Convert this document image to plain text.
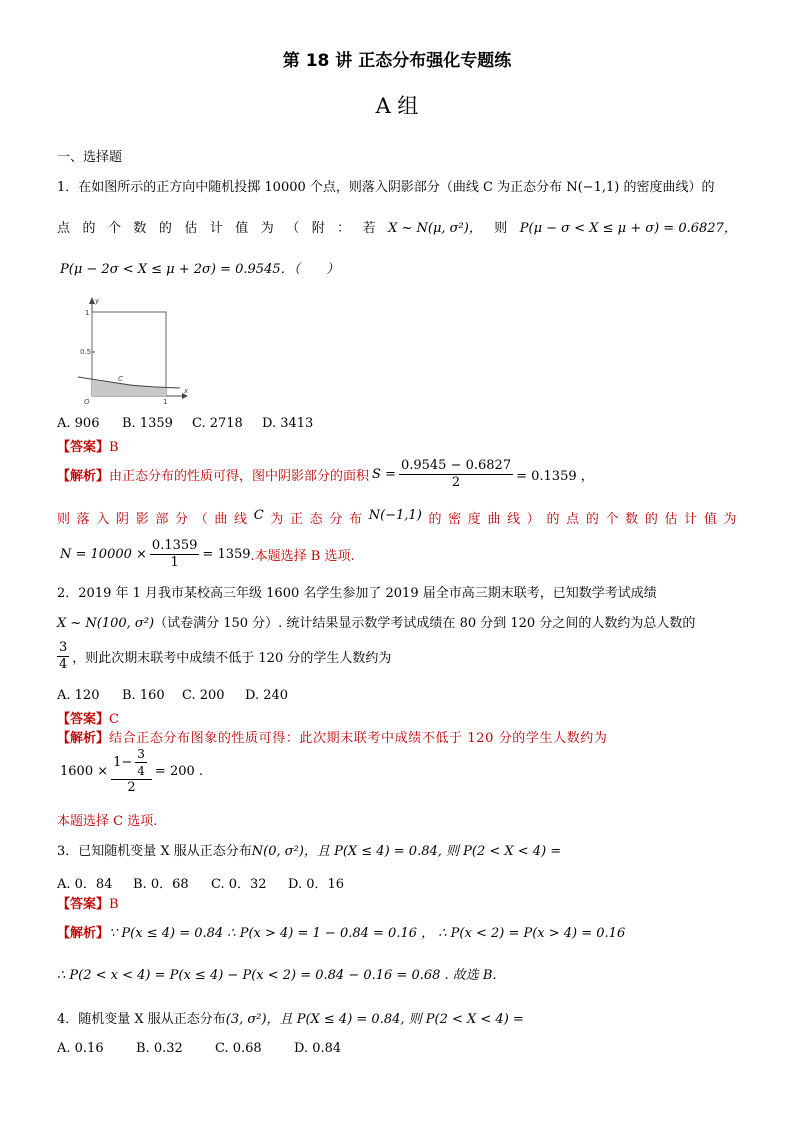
第 18 讲 正态分布强化专题练
A 组
一、选择题
1．在如图所示的正方向中随机投掷 10000 个点，则落入阴影部分（曲线 C 为正态分布 N(−1,1) 的密度曲线）的
点 的 个 数 的 估 计 值 为 （ 附 ： 若 X ~ N(μ, σ²)， 则 P(μ − σ < X ≤ μ + σ) = 0.6827，
P(μ − 2σ < X ≤ μ + 2σ) = 0.9545．（　　）
y
x
1
0.5
O	1
C
A. 906 B. 1359 C. 2718 D. 3413
【答案】B
【解析】 由正态分布的性质可得，图中阴影部分的面积 $S = \frac{0.9545 - 0.6827}{2} = 0.1359$ ，
则 落 入 阴 影 部 分 （ 曲 线 C 为 正 态 分 布 N(−1,1) 的 密 度 曲 线 ） 的 点 的 个 数 的 估 计 值 为
$N = 10000 \times \frac{0.1359}{1} = 1359$ .本题选择 B 选项.
2．2019 年 1 月我市某校高三年级 1600 名学生参加了 2019 届全市高三期末联考，已知数学考试成绩
X ~ N(100, σ²)（试卷满分 150 分）. 统计结果显示数学考试成绩在 80 分到 120 分之间的人数约为总人数的
$\frac{3}{4}$ ，则此次期末联考中成绩不低于 120 分的学生人数约为
A. 120 B. 160 C. 200 D. 240
【答案】C
【解析】结合正态分布图象的性质可得：此次期末联考中成绩不低于 120 分的学生人数约为
$1600 \times \frac{1- \frac{3}{4}}{2} = 200$ .
本题选择 C 选项.
3．已知随机变量 X 服从正态分布N(0, σ²)，且 P(X ≤ 4) = 0.84, 则 P(2 < X < 4) =
A. 0．84 B. 0．68 C. 0．32 D. 0．16
【答案】B
【解析】∵ P(x ≤ 4) = 0.84 ∴ P(x > 4) = 1 − 0.84 = 0.16 ， ∴ P(x < 2) = P(x > 4) = 0.16
∴ P(2 < x < 4) = P(x ≤ 4) − P(x < 2) = 0.84 − 0.16 = 0.68 . 故选 B.
4．随机变量 X 服从正态分布(3, σ²)，且 P(X ≤ 4) = 0.84, 则 P(2 < X < 4) =
A. 0.16 B. 0.32 C. 0.68 D. 0.84
